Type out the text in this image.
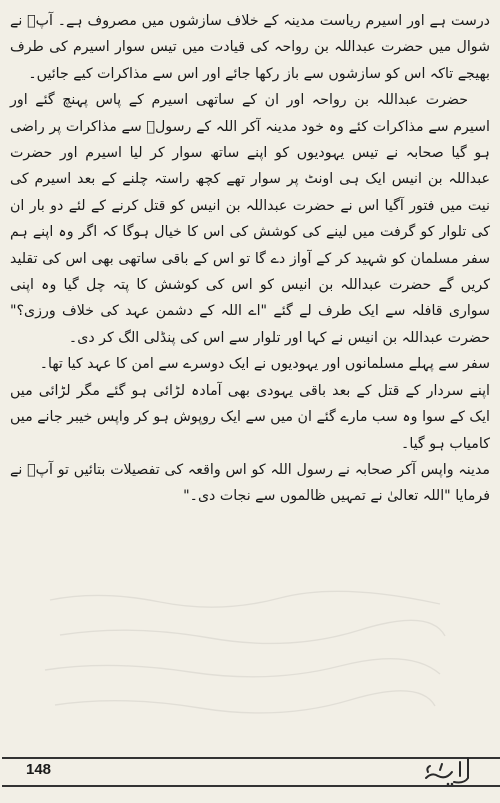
درست ہے اور اسیرم ریاست مدینہ کے خلاف سازشوں میں مصروف ہے۔ آپؐ نے شوال میں حضرت عبداللہ بن رواحہ کی قیادت میں تیس سوار اسیرم کی طرف بھیجے تاکہ اس کو سازشوں سے باز رکھا جائے اور اس سے مذاکرات کیے جائیں۔

حضرت عبداللہ بن رواحہ اور ان کے ساتھی اسیرم کے پاس پہنچ گئے اور اسیرم سے مذاکرات کئے وہ خود مدینہ آکر اللہ کے رسولؐ سے مذاکرات پر راضی ہو گیا صحابہ نے تیس یہودیوں کو اپنے ساتھ سوار کر لیا اسیرم اور حضرت عبداللہ بن انیس ایک ہی اونٹ پر سوار تھے کچھ راستہ چلنے کے بعد اسیرم کی نیت میں فتور آگیا اس نے حضرت عبداللہ بن انیس کو قتل کرنے کے لئے دو بار ان کی تلوار کو گرفت میں لینے کی کوشش کی اس کا خیال ہوگا کہ اگر وہ اپنے ہم سفر مسلمان کو شہید کر کے آواز دے گا تو اس کے باقی ساتھی بھی اس کی تقلید کریں گے حضرت عبداللہ بن انیس کو اس کی کوشش کا پتہ چل گیا وہ اپنی سواری قافلہ سے ایک طرف لے گئے "اے اللہ کے دشمن عہد کی خلاف ورزی؟" حضرت عبداللہ بن انیس نے کہا اور تلوار سے اس کی پنڈلی الگ کر دی۔

سفر سے پہلے مسلمانوں اور یہودیوں نے ایک دوسرے سے امن کا عہد کیا تھا۔

اپنے سردار کے قتل کے بعد باقی یہودی بھی آمادہ لڑائی ہو گئے مگر لڑائی میں ایک کے سوا وہ سب مارے گئے ان میں سے ایک روپوش ہو کر واپس خیبر جانے میں کامیاب ہو گیا۔

مدینہ واپس آکر صحابہ نے رسول اللہ کو اس واقعہ کی تفصیلات بتائیں تو آپؐ نے فرمایا "اللہ تعالیٰ نے تمہیں ظالموں سے نجات دی۔"

148
